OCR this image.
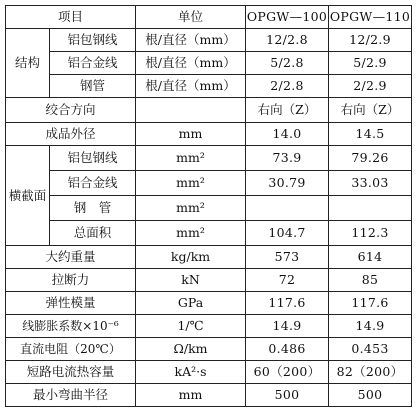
项目		单位	OPGW—100	OPGW—110
结构	铝包钢线	根/直径（mm）	12/2.8	12/2.9
	铝合金线	根/直径（mm）	5/2.8	5/2.9
	钢管	根/直径（mm）	2/2.8	2/2.9
绞合方向			右向（Z）	右向（Z）
成品外径		mm	14.0	14.5
横截面	铝包钢线	mm²	73.9	79.26
	铝合金线	mm²	30.79	33.03
	钢　管	mm²		
	总面积	mm²	104.7	112.3
大约重量		kg/km	573	614
拉断力		kN	72	85
弹性模量		GPa	117.6	117.6
线膨胀系数×10⁻⁶		1/℃	14.9	14.9
直流电阻（20℃）		Ω/km	0.486	0.453
短路电流热容量		kA²·s	60（200）	82（200）
最小弯曲半径		mm	500	500
